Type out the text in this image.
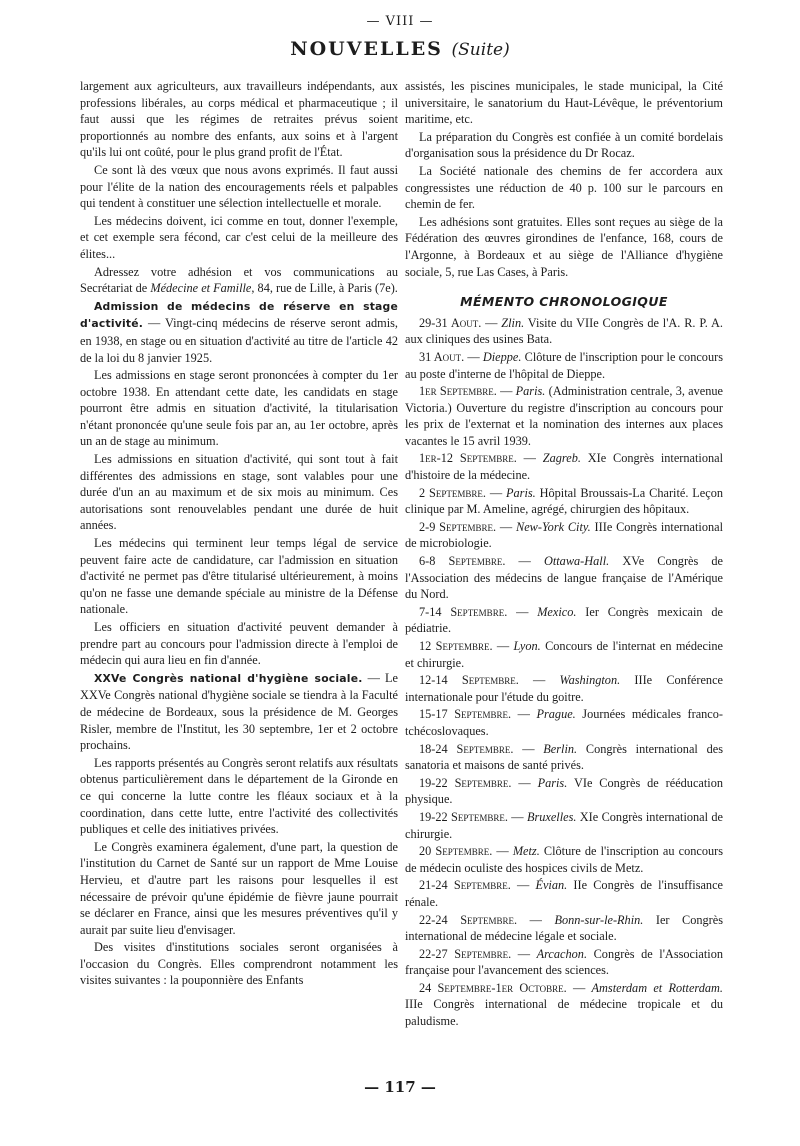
— VIII —
NOUVELLES (Suite)

largement aux agriculteurs, aux travailleurs indépendants, aux professions libérales, au corps médical et pharmaceutique ; il faut aussi que les régimes de retraites prévus soient proportionnés au nombre des enfants, aux soins et à l'argent qu'ils lui ont coûté, pour le plus grand profit de l'État.

Ce sont là des vœux que nous avons exprimés. Il faut aussi pour l'élite de la nation des encouragements réels et palpables qui tendent à constituer une sélection intellectuelle et morale.

Les médecins doivent, ici comme en tout, donner l'exemple, et cet exemple sera fécond, car c'est celui de la meilleure des élites...

Adressez votre adhésion et vos communications au Secrétariat de Médecine et Famille, 84, rue de Lille, à Paris (7e).

Admission de médecins de réserve en stage d'activité. — Vingt-cinq médecins de réserve seront admis, en 1938, en stage ou en situation d'activité au titre de l'article 42 de la loi du 8 janvier 1925.

Les admissions en stage seront prononcées à compter du 1er octobre 1938. En attendant cette date, les candidats en stage pourront être admis en situation d'activité, la titularisation n'étant prononcée qu'une seule fois par an, au 1er octobre, après un an de stage au minimum.

Les admissions en situation d'activité, qui sont tout à fait différentes des admissions en stage, sont valables pour une durée d'un an au maximum et de six mois au minimum. Ces autorisations sont renouvelables pendant une durée de huit années.

Les médecins qui terminent leur temps légal de service peuvent faire acte de candidature, car l'admission en situation d'activité ne permet pas d'être titularisé ultérieurement, à moins qu'on ne fasse une demande spéciale au ministre de la Défense nationale.

Les officiers en situation d'activité peuvent demander à prendre part au concours pour l'admission directe à l'emploi de médecin qui aura lieu en fin d'année.

XXVe Congrès national d'hygiène sociale. — Le XXVe Congrès national d'hygiène sociale se tiendra à la Faculté de médecine de Bordeaux, sous la présidence de M. Georges Risler, membre de l'Institut, les 30 septembre, 1er et 2 octobre prochains.

Les rapports présentés au Congrès seront relatifs aux résultats obtenus particulièrement dans le département de la Gironde en ce qui concerne la lutte contre les fléaux sociaux et à la coordination, dans cette lutte, entre l'activité des collectivités publiques et celle des initiatives privées.

Le Congrès examinera également, d'une part, la question de l'institution du Carnet de Santé sur un rapport de Mme Louise Hervieu, et d'autre part les raisons pour lesquelles il est nécessaire de prévoir qu'une épidémie de fièvre jaune pourrait se déclarer en France, ainsi que les mesures préventives qu'il y aurait par suite lieu d'envisager.

Des visites d'institutions sociales seront organisées à l'occasion du Congrès. Elles comprendront notamment les visites suivantes : la pouponnière des Enfants

assistés, les piscines municipales, le stade municipal, la Cité universitaire, le sanatorium du Haut-Lévêque, le préventorium maritime, etc.

La préparation du Congrès est confiée à un comité bordelais d'organisation sous la présidence du Dr Rocaz.

La Société nationale des chemins de fer accordera aux congressistes une réduction de 40 p. 100 sur le parcours en chemin de fer.

Les adhésions sont gratuites. Elles sont reçues au siège de la Fédération des œuvres girondines de l'enfance, 168, cours de l'Argonne, à Bordeaux et au siège de l'Alliance d'hygiène sociale, 5, rue Las Cases, à Paris.

MÉMENTO CHRONOLOGIQUE

29-31 Aout. — Zlin. Visite du VIIe Congrès de l'A. R. P. A. aux cliniques des usines Bata.

31 Aout. — Dieppe. Clôture de l'inscription pour le concours au poste d'interne de l'hôpital de Dieppe.

1er Septembre. — Paris. (Administration centrale, 3, avenue Victoria.) Ouverture du registre d'inscription au concours pour les prix de l'externat et la nomination des internes aux places vacantes le 15 avril 1939.

1er-12 Septembre. — Zagreb. XIe Congrès international d'histoire de la médecine.

2 Septembre. — Paris. Hôpital Broussais-La Charité. Leçon clinique par M. Ameline, agrégé, chirurgien des hôpitaux.

2-9 Septembre. — New-York City. IIIe Congrès international de microbiologie.

6-8 Septembre. — Ottawa-Hall. XVe Congrès de l'Association des médecins de langue française de l'Amérique du Nord.

7-14 Septembre. — Mexico. Ier Congrès mexicain de pédiatrie.

12 Septembre. — Lyon. Concours de l'internat en médecine et chirurgie.

12-14 Septembre. — Washington. IIIe Conférence internationale pour l'étude du goitre.

15-17 Septembre. — Prague. Journées médicales franco-tchécoslovaques.

18-24 Septembre. — Berlin. Congrès international des sanatoria et maisons de santé privés.

19-22 Septembre. — Paris. VIe Congrès de rééducation physique.

19-22 Septembre. — Bruxelles. XIe Congrès international de chirurgie.

20 Septembre. — Metz. Clôture de l'inscription au concours de médecin oculiste des hospices civils de Metz.

21-24 Septembre. — Évian. IIe Congrès de l'insuffisance rénale.

22-24 Septembre. — Bonn-sur-le-Rhin. Ier Congrès international de médecine légale et sociale.

22-27 Septembre. — Arcachon. Congrès de l'Association française pour l'avancement des sciences.

24 Septembre-1er Octobre. — Amsterdam et Rotterdam. IIIe Congrès international de médecine tropicale et du paludisme.

— 117 —
